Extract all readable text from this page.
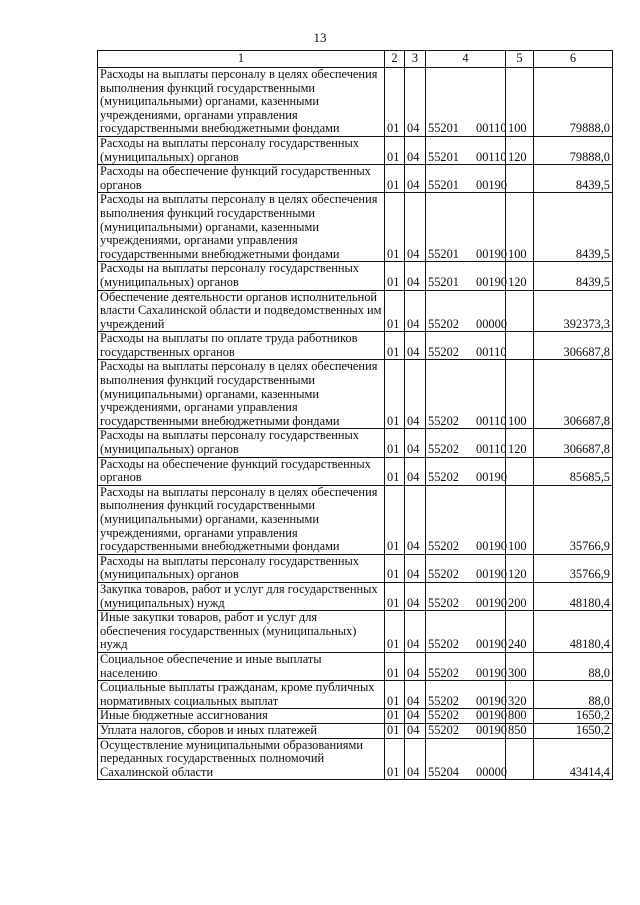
13
1	2	3	4	5	6
Расходы на выплаты персоналу в целях обеспечения выполнения функций государственными (муниципальными) органами, казенными учреждениями, органами управления государственными внебюджетными фондами	01	04	55201 00110	100	79888,0
Расходы на выплаты персоналу государственных (муниципальных) органов	01	04	55201 00110	120	79888,0
Расходы на обеспечение функций государственных органов	01	04	55201 00190		8439,5
Расходы на выплаты персоналу в целях обеспечения выполнения функций государственными (муниципальными) органами, казенными учреждениями, органами управления государственными внебюджетными фондами	01	04	55201 00190	100	8439,5
Расходы на выплаты персоналу государственных (муниципальных) органов	01	04	55201 00190	120	8439,5
Обеспечение деятельности органов исполнительной власти Сахалинской области и подведомственных им учреждений	01	04	55202 00000		392373,3
Расходы на выплаты по оплате труда работников государственных органов	01	04	55202 00110		306687,8
Расходы на выплаты персоналу в целях обеспечения выполнения функций государственными (муниципальными) органами, казенными учреждениями, органами управления государственными внебюджетными фондами	01	04	55202 00110	100	306687,8
Расходы на выплаты персоналу государственных (муниципальных) органов	01	04	55202 00110	120	306687,8
Расходы на обеспечение функций государственных органов	01	04	55202 00190		85685,5
Расходы на выплаты персоналу в целях обеспечения выполнения функций государственными (муниципальными) органами, казенными учреждениями, органами управления государственными внебюджетными фондами	01	04	55202 00190	100	35766,9
Расходы на выплаты персоналу государственных (муниципальных) органов	01	04	55202 00190	120	35766,9
Закупка товаров, работ и услуг для государственных (муниципальных) нужд	01	04	55202 00190	200	48180,4
Иные закупки товаров, работ и услуг для обеспечения государственных (муниципальных) нужд	01	04	55202 00190	240	48180,4
Социальное обеспечение и иные выплаты населению	01	04	55202 00190	300	88,0
Социальные выплаты гражданам, кроме публичных нормативных социальных выплат	01	04	55202 00190	320	88,0
Иные бюджетные ассигнования	01	04	55202 00190	800	1650,2
Уплата налогов, сборов и иных платежей	01	04	55202 00190	850	1650,2
Осуществление муниципальными образованиями переданных государственных полномочий Сахалинской области	01	04	55204 00000		43414,4
